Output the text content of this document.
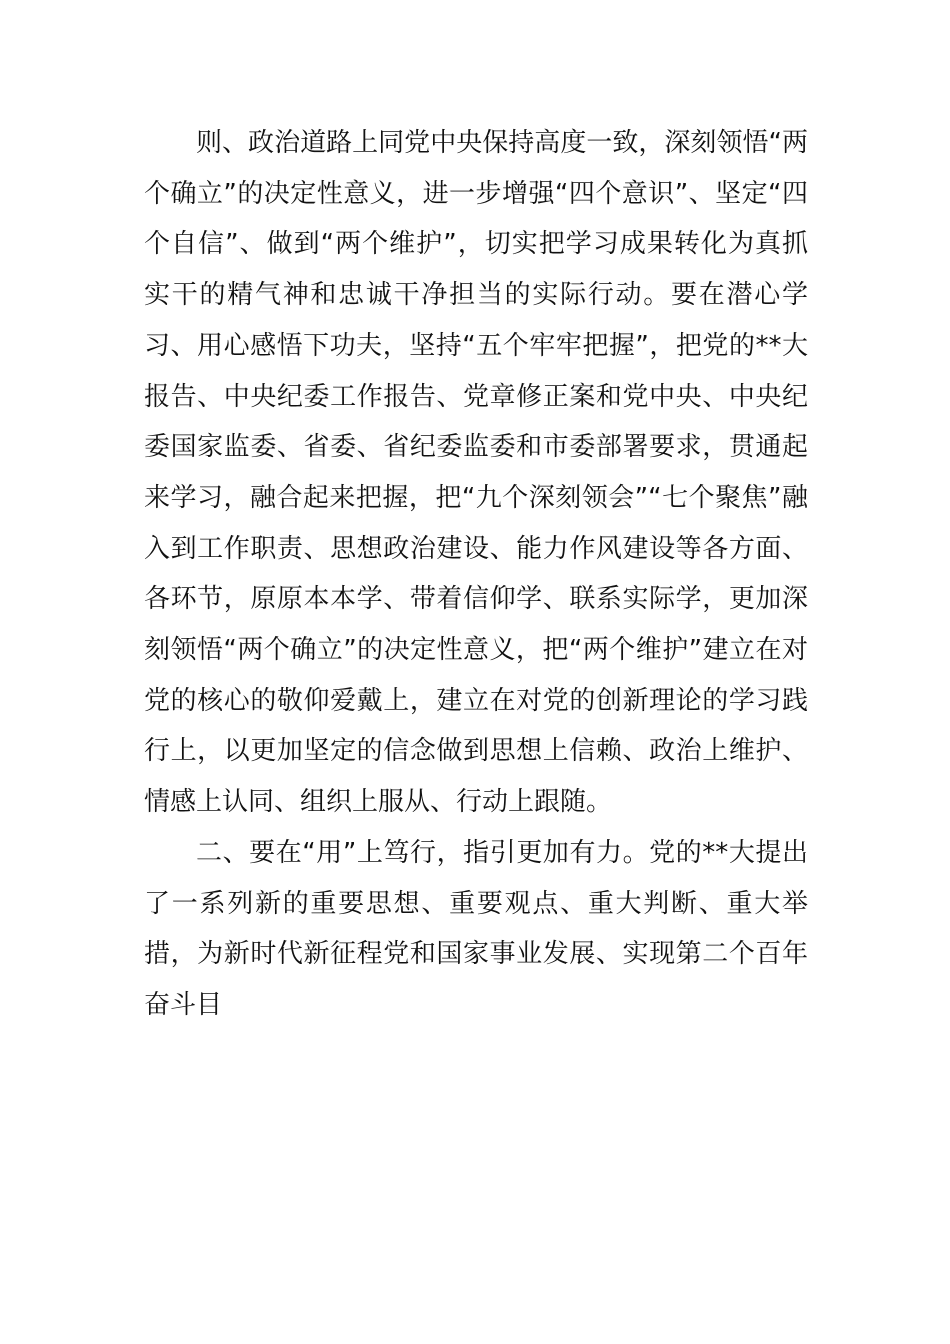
则、政治道路上同党中央保持高度一致，深刻领悟“两个确立”的决定性意义，进一步增强“四个意识”、坚定“四个自信”、做到“两个维护”，切实把学习成果转化为真抓实干的精气神和忠诚干净担当的实际行动。要在潜心学习、用心感悟下功夫，坚持“五个牢牢把握”，把党的**大报告、中央纪委工作报告、党章修正案和党中央、中央纪委国家监委、省委、省纪委监委和市委部署要求，贯通起来学习，融合起来把握，把“九个深刻领会”“七个聚焦”融入到工作职责、思想政治建设、能力作风建设等各方面、各环节，原原本本学、带着信仰学、联系实际学，更加深刻领悟“两个确立”的决定性意义，把“两个维护”建立在对党的核心的敬仰爱戴上，建立在对党的创新理论的学习践行上，以更加坚定的信念做到思想上信赖、政治上维护、情感上认同、组织上服从、行动上跟随。

二、要在“用”上笃行，指引更加有力。党的**大提出了一系列新的重要思想、重要观点、重大判断、重大举措，为新时代新征程党和国家事业发展、实现第二个百年奋斗目
